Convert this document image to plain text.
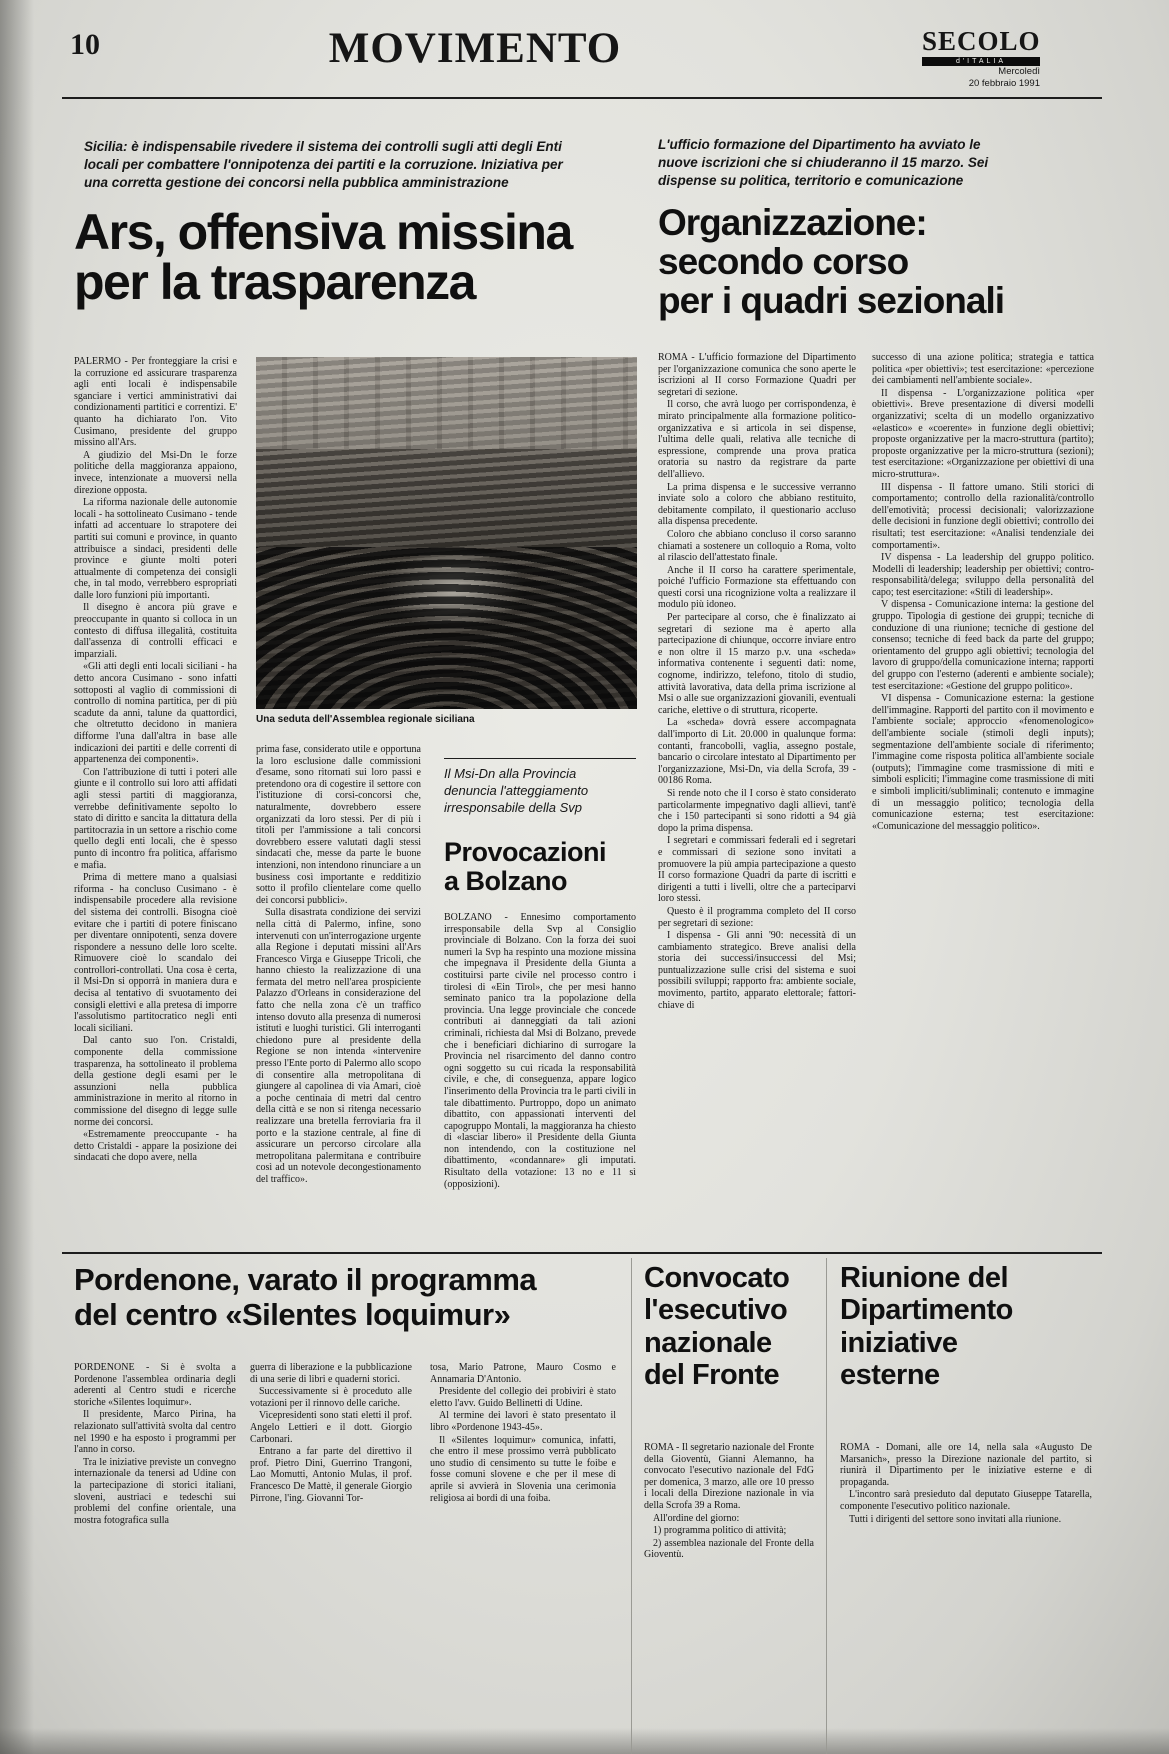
10	MOVIMENTO	SECOLO
d'ITALIA
Mercoledì
20 febbraio 1991
Sicilia: è indispensabile rivedere il sistema dei controlli sugli atti degli Enti locali per combattere l'onnipotenza dei partiti e la corruzione. Iniziativa per una corretta gestione dei concorsi nella pubblica amministrazione
Ars, offensiva missina
per la trasparenza

PALERMO - Per fronteggiare la crisi e la corruzione ed assicurare trasparenza agli enti locali è indispensabile sganciare i vertici amministrativi dai condizionamenti partitici e correntizi. E' quanto ha dichiarato l'on. Vito Cusimano, presidente del gruppo missino all'Ars.

A giudizio del Msi-Dn le forze politiche della maggioranza appaiono, invece, intenzionate a muoversi nella direzione opposta.

La riforma nazionale delle autonomie locali - ha sottolineato Cusimano - tende infatti ad accentuare lo strapotere dei partiti sui comuni e province, in quanto attribuisce a sindaci, presidenti delle province e giunte molti poteri attualmente di competenza dei consigli che, in tal modo, verrebbero espropriati dalle loro funzioni più importanti.

Il disegno è ancora più grave e preoccupante in quanto si colloca in un contesto di diffusa illegalità, costituita dall'assenza di controlli efficaci e imparziali.

«Gli atti degli enti locali siciliani - ha detto ancora Cusimano - sono infatti sottoposti al vaglio di commissioni di controllo di nomina partitica, per di più scadute da anni, talune da quattordici, che oltretutto decidono in maniera difforme l'una dall'altra in base alle indicazioni dei partiti e delle correnti di appartenenza dei componenti».

Con l'attribuzione di tutti i poteri alle giunte e il controllo sui loro atti affidati agli stessi partiti di maggioranza, verrebbe definitivamente sepolto lo stato di diritto e sancita la dittatura della partitocrazia in un settore a rischio come quello degli enti locali, che è spesso punto di incontro fra politica, affarismo e mafia.

Prima di mettere mano a qualsiasi riforma - ha concluso Cusimano - è indispensabile procedere alla revisione del sistema dei controlli. Bisogna cioè evitare che i partiti di potere finiscano per diventare onnipotenti, senza dovere rispondere a nessuno delle loro scelte. Rimuovere cioè lo scandalo dei controllori-controllati. Una cosa è certa, il Msi-Dn si opporrà in maniera dura e decisa al tentativo di svuotamento dei consigli elettivi e alla pretesa di imporre l'assolutismo partitocratico negli enti locali siciliani.

Dal canto suo l'on. Cristaldi, componente della commissione trasparenza, ha sottolineato il problema della gestione degli esami per le assunzioni nella pubblica amministrazione in merito al ritorno in commissione del disegno di legge sulle norme dei concorsi.

«Estremamente preoccupante - ha detto Cristaldi - appare la posizione dei sindacati che dopo avere, nella

Una seduta dell'Assemblea regionale siciliana

prima fase, considerato utile e opportuna la loro esclusione dalle commissioni d'esame, sono ritornati sui loro passi e pretendono ora di cogestire il settore con l'istituzione di corsi-concorsi che, naturalmente, dovrebbero essere organizzati da loro stessi. Per di più i titoli per l'ammissione a tali concorsi dovrebbero essere valutati dagli stessi sindacati che, messe da parte le buone intenzioni, non intendono rinunciare a un business così importante e redditizio sotto il profilo clientelare come quello dei concorsi pubblici».

Sulla disastrata condizione dei servizi nella città di Palermo, infine, sono intervenuti con un'interrogazione urgente alla Regione i deputati missini all'Ars Francesco Virga e Giuseppe Tricoli, che hanno chiesto la realizzazione di una fermata del metro nell'area prospiciente Palazzo d'Orleans in considerazione del fatto che nella zona c'è un traffico intenso dovuto alla presenza di numerosi istituti e luoghi turistici. Gli interroganti chiedono pure al presidente della Regione se non intenda «intervenire presso l'Ente porto di Palermo allo scopo di consentire alla metropolitana di giungere al capolinea di via Amari, cioè a poche centinaia di metri dal centro della città e se non si ritenga necessario realizzare una bretella ferroviaria fra il porto e la stazione centrale, al fine di assicurare un percorso circolare alla metropolitana palermitana e contribuire così ad un notevole decongestionamento del traffico».

Il Msi-Dn alla Provincia denuncia l'atteggiamento irresponsabile della Svp
Provocazioni
a Bolzano

BOLZANO - Ennesimo comportamento irresponsabile della Svp al Consiglio provinciale di Bolzano. Con la forza dei suoi numeri la Svp ha respinto una mozione missina che impegnava il Presidente della Giunta a costituirsi parte civile nel processo contro i tirolesi di «Ein Tirol», che per mesi hanno seminato panico tra la popolazione della provincia. Una legge provinciale che concede contributi ai danneggiati da tali azioni criminali, richiesta dal Msi di Bolzano, prevede che i beneficiari dichiarino di surrogare la Provincia nel risarcimento del danno contro ogni soggetto su cui ricada la responsabilità civile, e che, di conseguenza, appare logico l'inserimento della Provincia tra le parti civili in tale dibattimento. Purtroppo, dopo un animato dibattito, con appassionati interventi del capogruppo Montali, la maggioranza ha chiesto di «lasciar libero» il Presidente della Giunta non intendendo, con la costituzione nel dibattimento, «condannare» gli imputati. Risultato della votazione: 13 no e 11 sì (opposizioni).

L'ufficio formazione del Dipartimento ha avviato le nuove iscrizioni che si chiuderanno il 15 marzo. Sei dispense su politica, territorio e comunicazione
Organizzazione:
secondo corso
per i quadri sezionali

ROMA - L'ufficio formazione del Dipartimento per l'organizzazione comunica che sono aperte le iscrizioni al II corso Formazione Quadri per segretari di sezione.

Il corso, che avrà luogo per corrispondenza, è mirato principalmente alla formazione politico-organizzativa e si articola in sei dispense, l'ultima delle quali, relativa alle tecniche di espressione, comprende una prova pratica oratoria su nastro da registrare da parte dell'allievo.

La prima dispensa e le successive verranno inviate solo a coloro che abbiano restituito, debitamente compilato, il questionario accluso alla dispensa precedente.

Coloro che abbiano concluso il corso saranno chiamati a sostenere un colloquio a Roma, volto al rilascio dell'attestato finale.

Anche il II corso ha carattere sperimentale, poiché l'ufficio Formazione sta effettuando con questi corsi una ricognizione volta a realizzare il modulo più idoneo.

Per partecipare al corso, che è finalizzato ai segretari di sezione ma è aperto alla partecipazione di chiunque, occorre inviare entro e non oltre il 15 marzo p.v. una «scheda» informativa contenente i seguenti dati: nome, cognome, indirizzo, telefono, titolo di studio, attività lavorativa, data della prima iscrizione al Msi o alle sue organizzazioni giovanili, eventuali cariche, elettive o di struttura, ricoperte.

La «scheda» dovrà essere accompagnata dall'importo di Lit. 20.000 in qualunque forma: contanti, francobolli, vaglia, assegno postale, bancario o circolare intestato al Dipartimento per l'organizzazione, Msi-Dn, via della Scrofa, 39 - 00186 Roma.

Si rende noto che il I corso è stato considerato particolarmente impegnativo dagli allievi, tant'è che i 150 partecipanti si sono ridotti a 94 già dopo la prima dispensa.

I segretari e commissari federali ed i segretari e commissari di sezione sono invitati a promuovere la più ampia partecipazione a questo II corso formazione Quadri da parte di iscritti e dirigenti a tutti i livelli, oltre che a parteciparvi loro stessi.

Questo è il programma completo del II corso per segretari di sezione:

I dispensa - Gli anni '90: necessità di un cambiamento strategico. Breve analisi della storia dei successi/insuccessi del Msi; puntualizzazione sulle crisi del sistema e suoi possibili sviluppi; rapporto fra: ambiente sociale, movimento, partito, apparato elettorale; fattori-chiave di

successo di una azione politica; strategia e tattica politica «per obiettivi»; test esercitazione: «percezione dei cambiamenti nell'ambiente sociale».

II dispensa - L'organizzazione politica «per obiettivi». Breve presentazione di diversi modelli organizzativi; scelta di un modello organizzativo «elastico» e «coerente» in funzione degli obiettivi; proposte organizzative per la macro-struttura (partito); proposte organizzative per la micro-struttura (sezioni); test esercitazione: «Organizzazione per obiettivi di una micro-struttura».

III dispensa - Il fattore umano. Stili storici di comportamento; controllo della razionalità/controllo dell'emotività; processi decisionali; valorizzazione delle decisioni in funzione degli obiettivi; controllo dei risultati; test esercitazione: «Analisi tendenziale dei comportamenti».

IV dispensa - La leadership del gruppo politico. Modelli di leadership; leadership per obiettivi; contro-responsabilità/delega; sviluppo della personalità del capo; test esercitazione: «Stili di leadership».

V dispensa - Comunicazione interna: la gestione del gruppo. Tipologia di gestione dei gruppi; tecniche di conduzione di una riunione; tecniche di gestione del consenso; tecniche di feed back da parte del gruppo; orientamento del gruppo agli obiettivi; tecnologia del lavoro di gruppo/della comunicazione interna; rapporti del gruppo con l'esterno (aderenti e ambiente sociale); test esercitazione: «Gestione del gruppo politico».

VI dispensa - Comunicazione esterna: la gestione dell'immagine. Rapporti del partito con il movimento e l'ambiente sociale; approccio «fenomenologico» dell'ambiente sociale (stimoli degli inputs); segmentazione dell'ambiente sociale di riferimento; l'immagine come risposta politica all'ambiente sociale (outputs); l'immagine come trasmissione di miti e simboli espliciti; l'immagine come trasmissione di miti e simboli impliciti/subliminali; contenuto e immagine di un messaggio politico; tecnologia della comunicazione esterna; test esercitazione: «Comunicazione del messaggio politico».

Pordenone, varato il programma
del centro «Silentes loquimur»

PORDENONE - Si è svolta a Pordenone l'assemblea ordinaria degli aderenti al Centro studi e ricerche storiche «Silentes loquimur».

Il presidente, Marco Pirina, ha relazionato sull'attività svolta dal centro nel 1990 e ha esposto i programmi per l'anno in corso.

Tra le iniziative previste un convegno internazionale da tenersi ad Udine con la partecipazione di storici italiani, sloveni, austriaci e tedeschi sui problemi del confine orientale, una mostra fotografica sulla

guerra di liberazione e la pubblicazione di una serie di libri e quaderni storici.

Successivamente si è proceduto alle votazioni per il rinnovo delle cariche.

Vicepresidenti sono stati eletti il prof. Angelo Lettieri e il dott. Giorgio Carbonari.

Entrano a far parte del direttivo il prof. Pietro Dini, Guerrino Trangoni, Lao Momutti, Antonio Mulas, il prof. Francesco De Mattè, il generale Giorgio Pirrone, l'ing. Giovanni Tor-

tosa, Mario Patrone, Mauro Cosmo e Annamaria D'Antonio.

Presidente del collegio dei probiviri è stato eletto l'avv. Guido Bellinetti di Udine.

Al termine dei lavori è stato presentato il libro «Pordenone 1943-45».

Il «Silentes loquimur» comunica, infatti, che entro il mese prossimo verrà pubblicato uno studio di censimento su tutte le foibe e fosse comuni slovene e che per il mese di aprile si avvierà in Slovenia una cerimonia religiosa ai bordi di una foiba.

Convocato l'esecutivo nazionale del Fronte

ROMA - Il segretario nazionale del Fronte della Gioventù, Gianni Alemanno, ha convocato l'esecutivo nazionale del FdG per domenica, 3 marzo, alle ore 10 presso i locali della Direzione nazionale in via della Scrofa 39 a Roma.

All'ordine del giorno:

1) programma politico di attività;

2) assemblea nazionale del Fronte della Gioventù.

Riunione del Dipartimento iniziative esterne

ROMA - Domani, alle ore 14, nella sala «Augusto De Marsanich», presso la Direzione nazionale del partito, si riunirà il Dipartimento per le iniziative esterne e di propaganda.

L'incontro sarà presieduto dal deputato Giuseppe Tatarella, componente l'esecutivo politico nazionale.

Tutti i dirigenti del settore sono invitati alla riunione.
